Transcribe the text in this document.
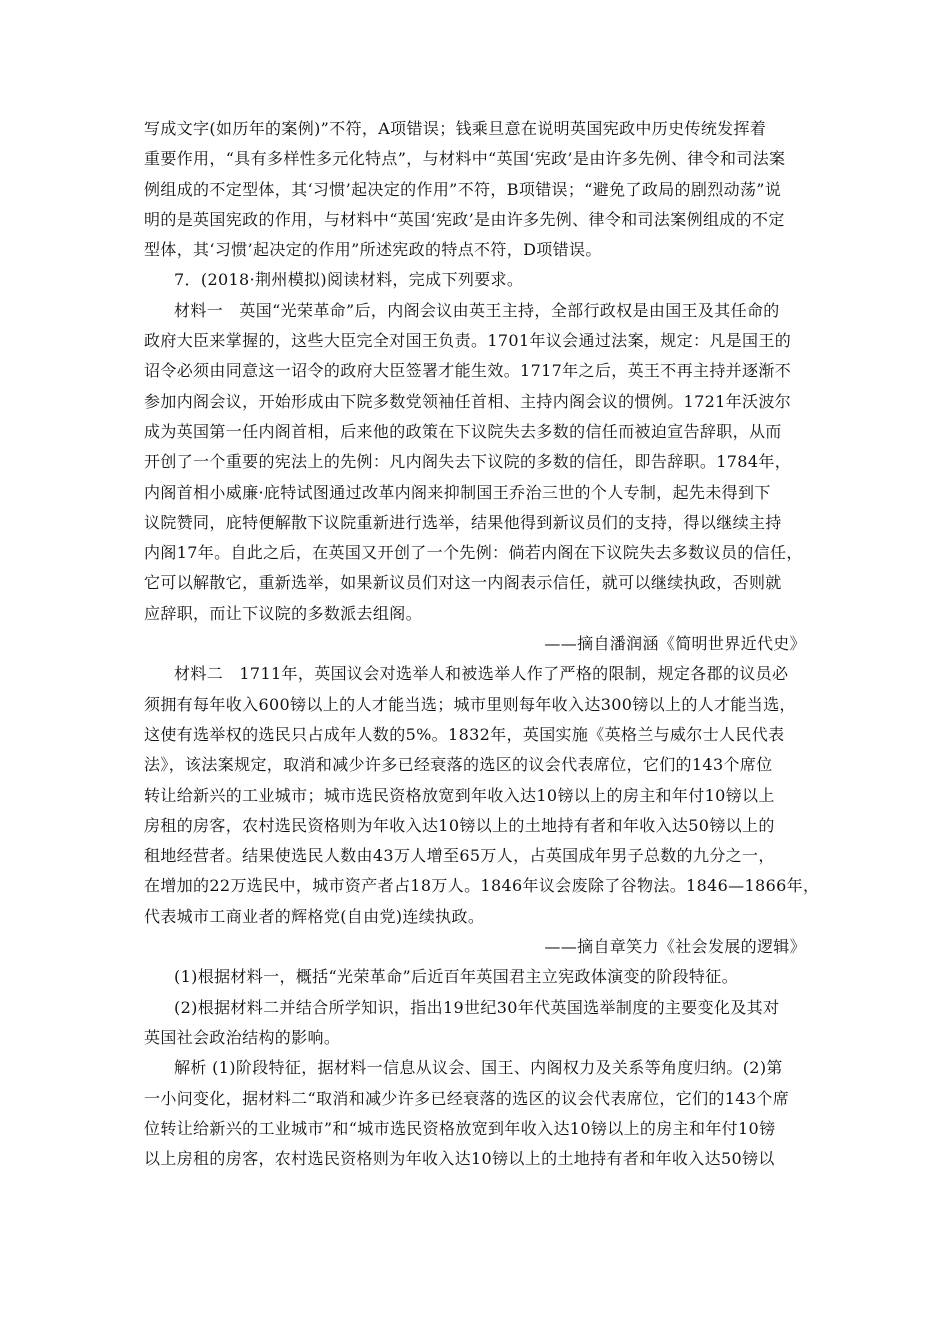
写成文字(如历年的案例)”不符，A项错误；钱乘旦意在说明英国宪政中历史传统发挥着
重要作用，“具有多样性多元化特点”，与材料中“英国‘宪政’是由许多先例、律令和司法案
例组成的不定型体，其‘习惯’起决定的作用”不符，B项错误；“避免了政局的剧烈动荡”说
明的是英国宪政的作用，与材料中“英国‘宪政’是由许多先例、律令和司法案例组成的不定
型体，其‘习惯’起决定的作用”所述宪政的特点不符，D项错误。
7．(2018·荆州模拟)阅读材料，完成下列要求。
材料一　英国“光荣革命”后，内阁会议由英王主持，全部行政权是由国王及其任命的
政府大臣来掌握的，这些大臣完全对国王负责。1701年议会通过法案，规定：凡是国王的
诏令必须由同意这一诏令的政府大臣签署才能生效。1717年之后，英王不再主持并逐渐不
参加内阁会议，开始形成由下院多数党领袖任首相、主持内阁会议的惯例。1721年沃波尔
成为英国第一任内阁首相，后来他的政策在下议院失去多数的信任而被迫宣告辞职，从而
开创了一个重要的宪法上的先例：凡内阁失去下议院的多数的信任，即告辞职。1784年，
内阁首相小威廉·庇特试图通过改革内阁来抑制国王乔治三世的个人专制，起先未得到下
议院赞同，庇特便解散下议院重新进行选举，结果他得到新议员们的支持，得以继续主持
内阁17年。自此之后，在英国又开创了一个先例：倘若内阁在下议院失去多数议员的信任，
它可以解散它，重新选举，如果新议员们对这一内阁表示信任，就可以继续执政，否则就
应辞职，而让下议院的多数派去组阁。
——摘自潘润涵《简明世界近代史》
材料二　1711年，英国议会对选举人和被选举人作了严格的限制，规定各郡的议员必
须拥有每年收入600镑以上的人才能当选；城市里则每年收入达300镑以上的人才能当选，
这使有选举权的选民只占成年人数的5%。1832年，英国实施《英格兰与威尔士人民代表
法》，该法案规定，取消和减少许多已经衰落的选区的议会代表席位，它们的143个席位
转让给新兴的工业城市；城市选民资格放宽到年收入达10镑以上的房主和年付10镑以上
房租的房客，农村选民资格则为年收入达10镑以上的土地持有者和年收入达50镑以上的
租地经营者。结果使选民人数由43万人增至65万人，占英国成年男子总数的九分之一，
在增加的22万选民中，城市资产者占18万人。1846年议会废除了谷物法。1846—1866年，
代表城市工商业者的辉格党(自由党)连续执政。
——摘自章笑力《社会发展的逻辑》
(1)根据材料一，概括“光荣革命”后近百年英国君主立宪政体演变的阶段特征。
(2)根据材料二并结合所学知识，指出19世纪30年代英国选举制度的主要变化及其对
英国社会政治结构的影响。
解析 (1)阶段特征，据材料一信息从议会、国王、内阁权力及关系等角度归纳。(2)第
一小问变化，据材料二“取消和减少许多已经衰落的选区的议会代表席位，它们的143个席
位转让给新兴的工业城市”和“城市选民资格放宽到年收入达10镑以上的房主和年付10镑
以上房租的房客，农村选民资格则为年收入达10镑以上的土地持有者和年收入达50镑以
